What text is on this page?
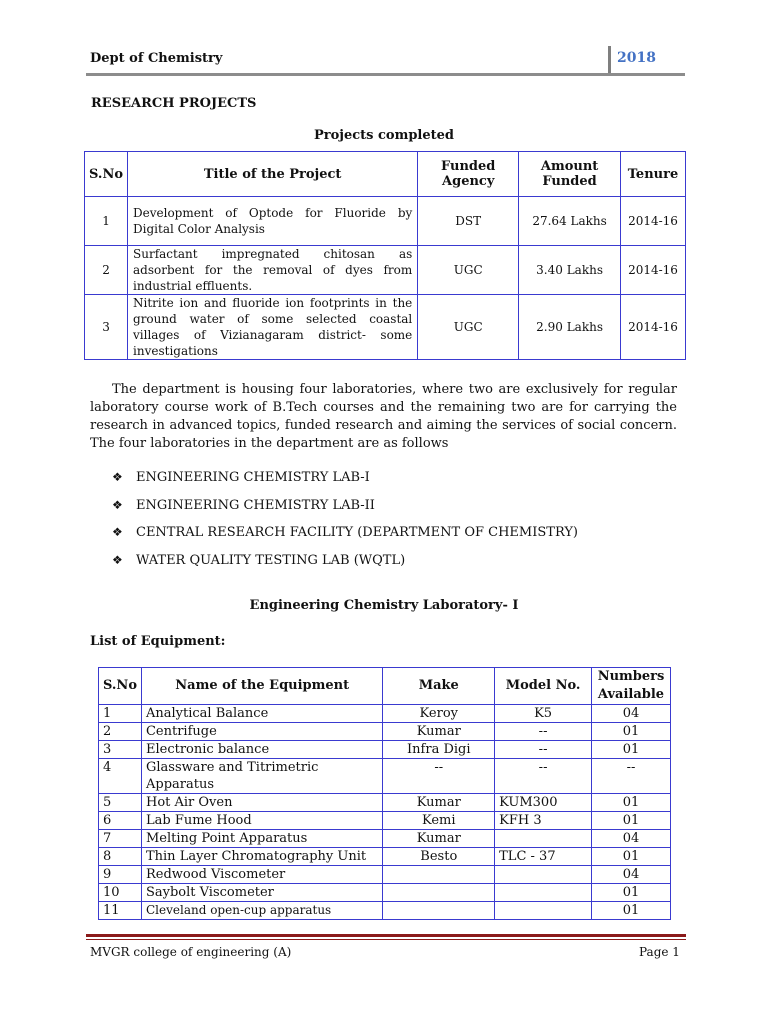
Dept of Chemistry	2018
RESEARCH PROJECTS
Projects completed
S.No	Title of the Project	Funded Agency	Amount Funded	Tenure
1	Development of Optode for Fluoride by Digital Color Analysis	DST	27.64 Lakhs	2014-16
2	Surfactant impregnated chitosan as adsorbent for the removal of dyes from industrial effluents.	UGC	3.40 Lakhs	2014-16
3	Nitrite ion and fluoride ion footprints in the ground water of some selected coastal villages of Vizianagaram district- some investigations	UGC	2.90 Lakhs	2014-16
The department is housing four laboratories, where two are exclusively for regular laboratory course work of B.Tech courses and the remaining two are for carrying the research in advanced topics, funded research and aiming the services of social concern. The four laboratories in the department are as follows
❖	ENGINEERING CHEMISTRY LAB-I
❖	ENGINEERING CHEMISTRY LAB-II
❖	CENTRAL RESEARCH FACILITY (DEPARTMENT OF CHEMISTRY)
❖	WATER QUALITY TESTING LAB (WQTL)
Engineering Chemistry Laboratory- I
List of Equipment:
S.No	Name of the Equipment	Make	Model No.	Numbers Available
1	Analytical Balance	Keroy	K5	04
2	Centrifuge	Kumar	--	01
3	Electronic balance	Infra Digi	--	01
4	Glassware and Titrimetric Apparatus	--	--	--
5	Hot Air Oven	Kumar	KUM300	01
6	Lab Fume Hood	Kemi	KFH 3	01
7	Melting Point Apparatus	Kumar		04
8	Thin Layer Chromatography Unit	Besto	TLC - 37	01
9	Redwood Viscometer			04
10	Saybolt Viscometer			01
11	Cleveland open-cup apparatus			01
MVGR college of engineering (A)	Page 1
